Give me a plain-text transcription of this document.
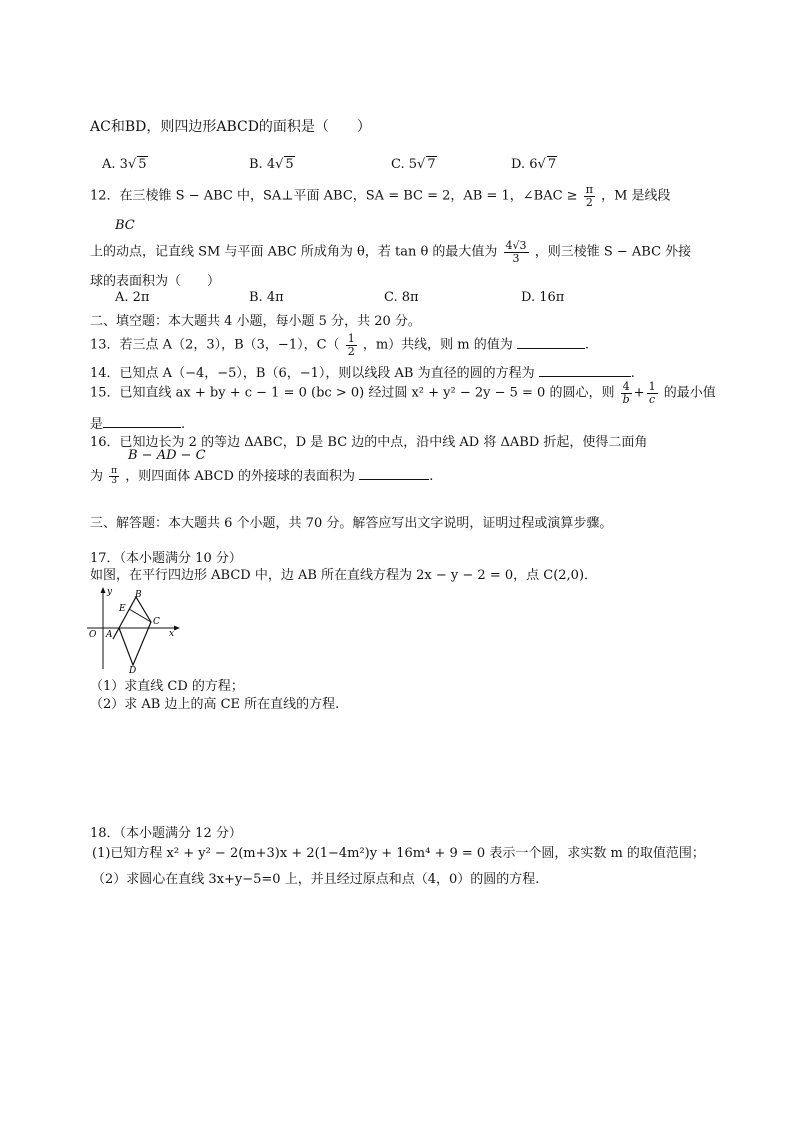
AC和BD，则四边形ABCD的面积是（　　）
A. 3√ 5	B. 4√ 5	C. 5√ 7	D. 6√ 7
12．在三棱锥 S − ABC 中，SA⊥平面 ABC，SA = BC = 2，AB = 1，∠BAC ≥ $\frac{\pi}{2}$ ，M 是线段
BC
上的动点，记直线 SM 与平面 ABC 所成角为 θ，若 tan θ 的最大值为 $\frac{4√3}{3}$ ，则三棱锥 S − ABC 外接
球的表面积为（　　）
A. 2π	B. 4π	C. 8π	D. 16π
二、填空题：本大题共 4 小题，每小题 5 分，共 20 分。
13．若三点 A（2，3），B（3，−1），$C( \frac{1}{2}$ ，m）共线，则 m 的值为	.
14．已知点 A（−4，−5），B（6，−1），则以线段 AB 为直径的圆的方程为	.
15．已知直线 ax + by + c − 1 = 0 (bc > 0) 经过圆 x² + y² − 2y − 5 = 0 的圆心，则 $\frac{4}{b} + \frac{1}{c}$ 的最小值
是	.
16．已知边长为 2 的等边 ΔABC，D 是 BC 边的中点，沿中线 AD 将 ΔABD 折起，使得二面角
B − AD − C
为 $\frac{\pi}{3}$ ，则四面体 ABCD 的外接球的表面积为	.
三、解答题：本大题共 6 个小题，共 70 分。解答应写出文字说明，证明过程或演算步骤。
17．（本小题满分 10 分）
如图，在平行四边形 ABCD 中，边 AB 所在直线方程为 2x − y − 2 = 0，点 C(2,0)．
y
x
O A
B
E
C
D
（1）求直线 CD 的方程；
（2）求 AB 边上的高 CE 所在直线的方程.
18．（本小题满分 12 分）
(1)已知方程 x² + y² − 2(m+3)x + 2(1−4m²)y + 16m⁴ + 9 = 0 表示一个圆，求实数 m 的取值范围；
（2）求圆心在直线 3x+y−5=0 上，并且经过原点和点（4，0）的圆的方程.
